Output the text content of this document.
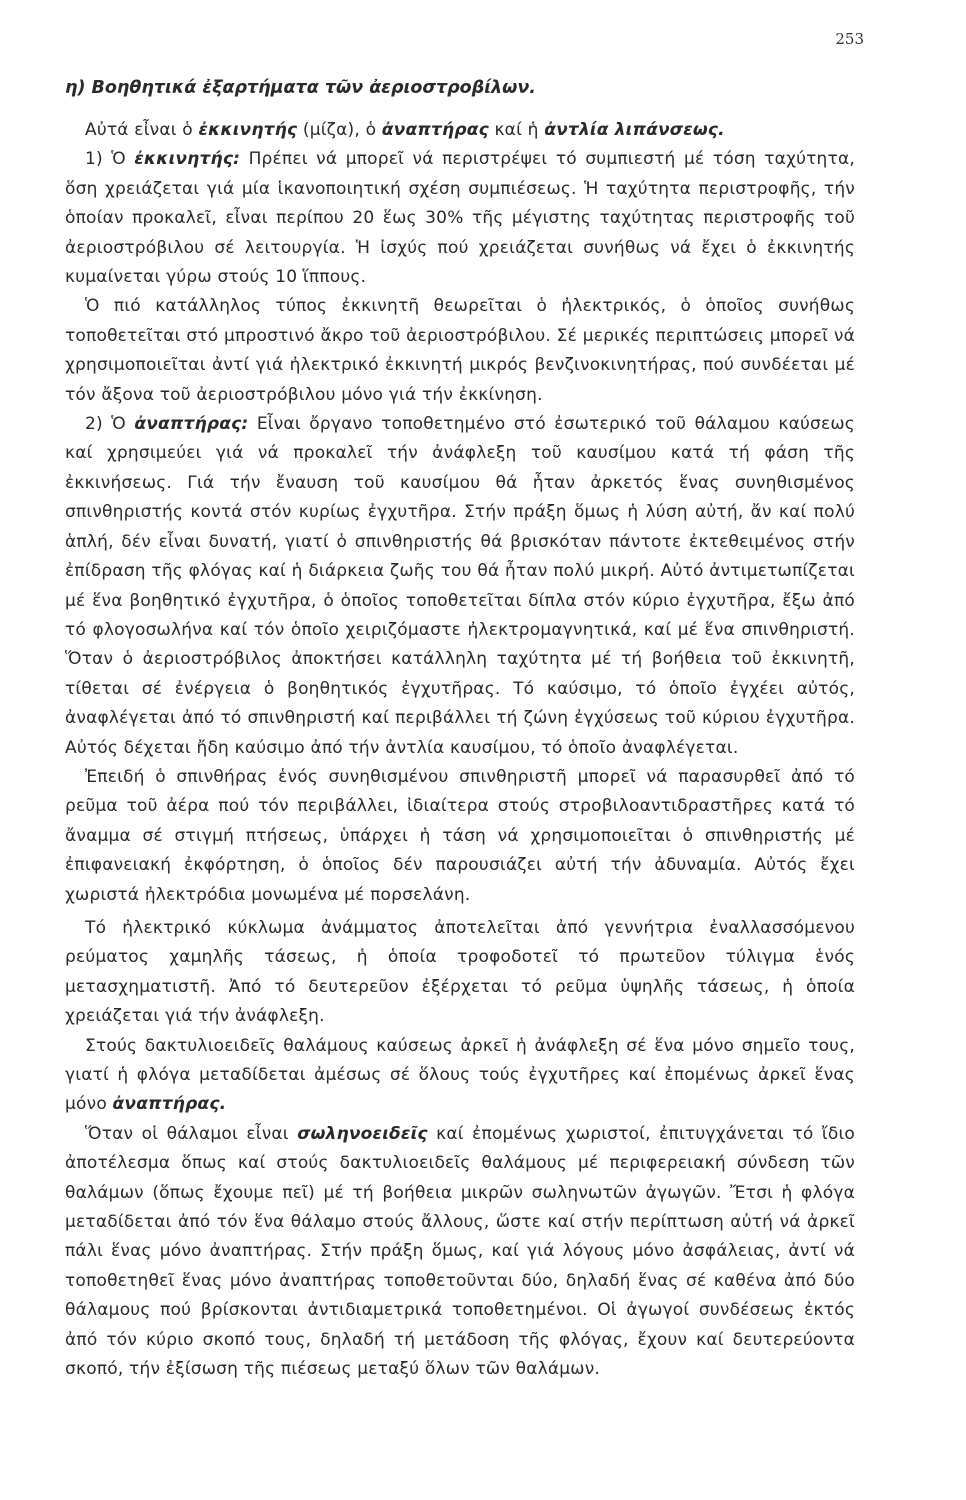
253
η) Βοηθητικά ἐξαρτήματα τῶν ἀεριοστροβίλων.

Αὐτά εἶναι ὁ ἐκκινητής (μίζα), ὁ ἀναπτήρας καί ἡ ἀντλία λιπάνσεως.

1) Ὁ ἐκκινητής: Πρέπει νά μπορεῖ νά περιστρέψει τό συμπιεστή μέ τόση ταχύτητα, ὅση χρειάζεται γιά μία ἱκανοποιητική σχέση συμπιέσεως. Ἡ ταχύτητα περιστροφῆς, τήν ὁποίαν προκαλεῖ, εἶναι περίπου 20 ἕως 30% τῆς μέγιστης ταχύτητας περιστροφῆς τοῦ ἀεριοστρόβιλου σέ λειτουργία. Ἡ ἰσχύς πού χρειάζεται συνήθως νά ἔχει ὁ ἐκκινητής κυμαίνεται γύρω στούς 10 ἵππους.

Ὁ πιό κατάλληλος τύπος ἐκκινητῆ θεωρεῖται ὁ ἠλεκτρικός, ὁ ὁποῖος συνήθως τοποθετεῖται στό μπροστινό ἄκρο τοῦ ἀεριοστρόβιλου. Σέ μερικές περιπτώσεις μπορεῖ νά χρησιμοποιεῖται ἀντί γιά ἠλεκτρικό ἐκκινητή μικρός βενζινοκινητήρας, πού συνδέεται μέ τόν ἄξονα τοῦ ἀεριοστρόβιλου μόνο γιά τήν ἐκκίνηση.

2) Ὁ ἀναπτήρας: Εἶναι ὄργανο τοποθετημένο στό ἐσωτερικό τοῦ θάλαμου καύσεως καί χρησιμεύει γιά νά προκαλεῖ τήν ἀνάφλεξη τοῦ καυσίμου κατά τή φάση τῆς ἐκκινήσεως. Γιά τήν ἔναυση τοῦ καυσίμου θά ἦταν ἀρκετός ἕνας συνηθισμένος σπινθηριστής κοντά στόν κυρίως ἐγχυτῆρα. Στήν πράξη ὅμως ἡ λύση αὐτή, ἄν καί πολύ ἁπλή, δέν εἶναι δυνατή, γιατί ὁ σπινθηριστής θά βρισκόταν πάντοτε ἐκτεθειμένος στήν ἐπίδραση τῆς φλόγας καί ἡ διάρκεια ζωῆς του θά ἦταν πολύ μικρή. Αὐτό ἀντιμετωπίζεται μέ ἕνα βοηθητικό ἐγχυτῆρα, ὁ ὁποῖος τοποθετεῖται δίπλα στόν κύριο ἐγχυτῆρα, ἔξω ἀπό τό φλογοσωλήνα καί τόν ὁποῖο χειριζόμαστε ἠλεκτρομαγνητικά, καί μέ ἕνα σπινθηριστή. Ὅταν ὁ ἀεριοστρόβιλος ἀποκτήσει κατάλληλη ταχύτητα μέ τή βοήθεια τοῦ ἐκκινητῆ, τίθεται σέ ἐνέργεια ὁ βοηθητικός ἐγχυτῆρας. Τό καύσιμο, τό ὁποῖο ἐγχέει αὐτός, ἀναφλέγεται ἀπό τό σπινθηριστή καί περιβάλλει τή ζώνη ἐγχύσεως τοῦ κύριου ἐγχυτῆρα. Αὐτός δέχεται ἤδη καύσιμο ἀπό τήν ἀντλία καυσίμου, τό ὁποῖο ἀναφλέγεται.

Ἐπειδή ὁ σπινθήρας ἑνός συνηθισμένου σπινθηριστῆ μπορεῖ νά παρασυρθεῖ ἀπό τό ρεῦμα τοῦ ἀέρα πού τόν περιβάλλει, ἰδιαίτερα στούς στροβιλοαντιδραστῆρες κατά τό ἄναμμα σέ στιγμή πτήσεως, ὑπάρχει ἡ τάση νά χρησιμοποιεῖται ὁ σπινθηριστής μέ ἐπιφανειακή ἐκφόρτηση, ὁ ὁποῖος δέν παρουσιάζει αὐτή τήν ἀδυναμία. Αὐτός ἔχει χωριστά ἠλεκτρόδια μονωμένα μέ πορσελάνη.

Τό ἠλεκτρικό κύκλωμα ἀνάμματος ἀποτελεῖται ἀπό γεννήτρια ἐναλλασσόμενου ρεύματος χαμηλῆς τάσεως, ἡ ὁποία τροφοδοτεῖ τό πρωτεῦον τύλιγμα ἑνός μετασχηματιστῆ. Ἀπό τό δευτερεῦον ἐξέρχεται τό ρεῦμα ὑψηλῆς τάσεως, ἡ ὁποία χρειάζεται γιά τήν ἀνάφλεξη.

Στούς δακτυλιοειδεῖς θαλάμους καύσεως ἀρκεῖ ἡ ἀνάφλεξη σέ ἕνα μόνο σημεῖο τους, γιατί ἡ φλόγα μεταδίδεται ἀμέσως σέ ὅλους τούς ἐγχυτῆρες καί ἐπομένως ἀρκεῖ ἕνας μόνο ἀναπτήρας.

Ὅταν οἱ θάλαμοι εἶναι σωληνοειδεῖς καί ἐπομένως χωριστοί, ἐπιτυγχάνεται τό ἴδιο ἀποτέλεσμα ὅπως καί στούς δακτυλιοειδεῖς θαλάμους μέ περιφερειακή σύνδεση τῶν θαλάμων (ὅπως ἔχουμε πεῖ) μέ τή βοήθεια μικρῶν σωληνωτῶν ἀγωγῶν. Ἔτσι ἡ φλόγα μεταδίδεται ἀπό τόν ἕνα θάλαμο στούς ἄλλους, ὥστε καί στήν περίπτωση αὐτή νά ἀρκεῖ πάλι ἕνας μόνο ἀναπτήρας. Στήν πράξη ὅμως, καί γιά λόγους μόνο ἀσφάλειας, ἀντί νά τοποθετηθεῖ ἕνας μόνο ἀναπτήρας τοποθετοῦνται δύο, δηλαδή ἕνας σέ καθένα ἀπό δύο θάλαμους πού βρίσκονται ἀντιδιαμετρικά τοποθετημένοι. Οἱ ἀγωγοί συνδέσεως ἐκτός ἀπό τόν κύριο σκοπό τους, δηλαδή τή μετάδοση τῆς φλόγας, ἔχουν καί δευτερεύοντα σκοπό, τήν ἐξίσωση τῆς πιέσεως μεταξύ ὅλων τῶν θαλάμων.
